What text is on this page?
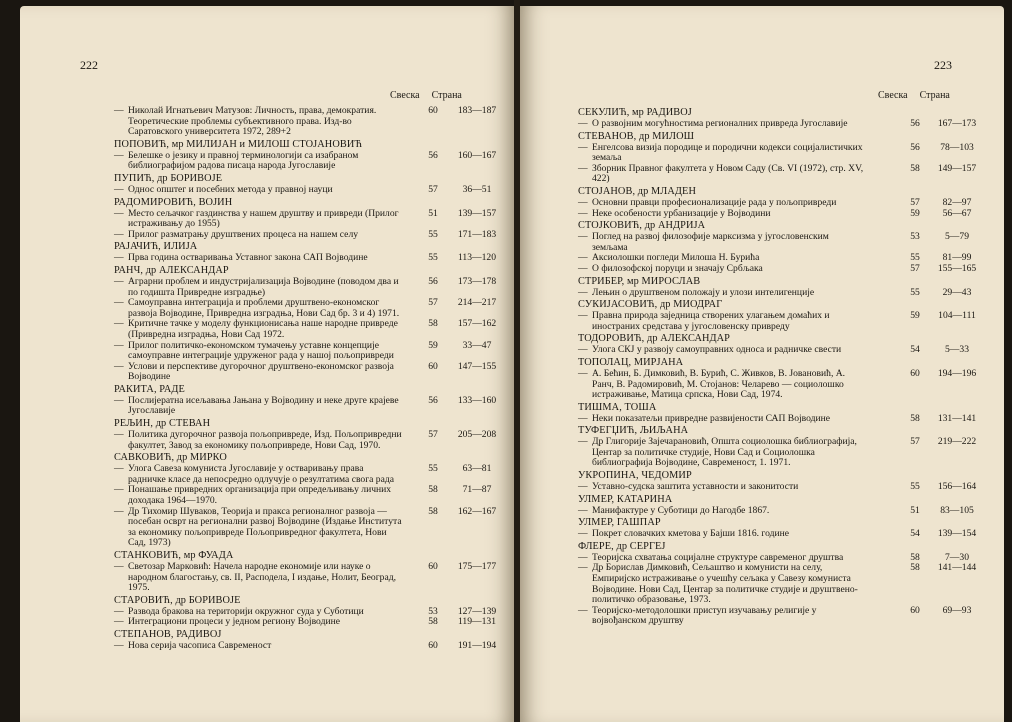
222
Свеска Страна
— Николай Игнатьевич Матузов: Личность, права, демократия. Теоретические проблемы субъективного права. Изд-во Саратовского университета 1972, 289+2
60	183—187
ПОПОВИЋ, мр МИЛИЈАН и МИЛОШ СТОЈАНОВИЋ
— Белешке о језику и правној терминологији са изабраном библиографијом радова писаца народа Југославије
56	160—167
ПУПИЋ, др БОРИВОЈЕ
— Однос општег и посебних метода у правној науци	57	36—51
РАДОМИРОВИЋ, ВОЈИН
— Место сељачког газдинства у нашем друштву и привреди (Прилог истраживању до 1955)
51	139—157
— Прилог разматрању друштвених процеса на нашем селу	55	171—183
РАЈАЧИЋ, ИЛИЈА
— Прва година остваривања Уставног закона САП Војводине	55	113—120
РАНЧ, др АЛЕКСАНДАР
— Аграрни проблем и индустријализација Војводине (поводом два и по годишта Привредне изградње)
56	173—178
— Самоуправна интеграција и проблеми друштвено-економског развоја Војводине, Привредна изградња, Нови Сад бр. 3 и 4) 1971.
57	214—217
— Критичне тачке у моделу функционисања наше народне привреде (Привредна изградња, Нови Сад 1972.
58	157—162
— Прилог политичко-економском тумачењу уставне концепције самоуправне интеграције удруженог рада у нашој пољопривреди
59	33—47
— Услови и перспективе дугорочног друштвено-економског развоја Војводине
60	147—155
РАКИТА, РАДЕ
— Послијератна исељавања Јањана у Војводину и неке друге крајеве Југославије
56	133—160
РЕЉИН, др СТЕВАН
— Политика дугорочног развоја пољопривреде, Изд. Пољопривредни факултет, Завод за економику пољопривреде, Нови Сад, 1970.
57	205—208
САВКОВИЋ, др МИРКО
— Улога Савеза комуниста Југославије у остваривању права радничке класе да непосредно одлучује о резултатима свога рада
55	63—81
— Понашање привредних организација при опредељивању личних доходака 1964—1970.
58	71—87
— Др Тихомир Шуваков, Теорија и пракса регионалног развоја — посебан осврт на регионални развој Војводине (Издање Института за економику пољопривреде Пољопривредног факултета, Нови Сад, 1973)
58	162—167
СТАНКОВИЋ, мр ФУАДА
— Светозар Марковић: Начела народне економије или науке о народном благостању, св. II, Расподела, I издање, Нолит, Београд, 1975.
60	175—177
СТАРОВИЋ, др БОРИВОЈЕ
— Развода бракова на територији окружног суда у Суботици	53	127—139
— Интеграциони процеси у једном региону Војводине	58	119—131
СТЕПАНОВ, РАДИВОЈ
— Нова серија часописа Савременост	60	191—194
223
Свеска Страна
СЕКУЛИЋ, мр РАДИВОЈ
— О развојним могућностима регионалних привреда Југославије	56	167—173
СТЕВАНОВ, др МИЛОШ
— Енгелсова визија породице и породични кодекси социјалистичких земаља
56	78—103
— Зборник Правног факултета у Новом Саду (Св. VI (1972), стр. XV, 422)
58	149—157
СТОЈАНОВ, др МЛАДЕН
— Основни правци професионализације рада у пољопривреди	57	82—97
— Неке особености урбанизације у Војводини	59	56—67
СТОЈКОВИЋ, др АНДРИЈА
— Поглед на развој филозофије марксизма у југословенским земљама
53	5—79
— Аксиолошки погледи Милоша Н. Бурића	55	81—99
— О филозофској поруци и значају Србљака	57	155—165
СТРИБЕР, мр МИРОСЛАВ
— Лењин о друштвеном положају и улози интелигенције	55	29—43
СУКИЈАСОВИЋ, др МИОДРАГ
— Правна природа заједница створених улагањем домаћих и иностраних средстава у југословенску привреду
59	104—111
ТОДОРОВИЋ, др АЛЕКСАНДАР
— Улога СКЈ у развоју самоуправних односа и радничке свести	54	5—33
ТОПОЛАЦ, МИРЈАНА
— А. Бећин, Б. Димковић, В. Бурић, С. Живков, В. Јовановић, А. Ранч, В. Радомировић, М. Стојанов: Челарево — социолошко истраживање, Матица српска, Нови Сад, 1974.
60	194—196
ТИШМА, ТОША
— Неки показатељи привредне развијености САП Војводине	58	131—141
ТУФЕГЏИЋ, ЉИЉАНА
— Др Глигорије Зајечарановић, Општа социолошка библиографија, Центар за политичке студије, Нови Сад и Социолошка библиографија Војводине, Савременост, 1. 1971.
57	219—222
УКРОПИНА, ЧЕДОМИР
— Уставно-судска заштита уставности и законитости	55	156—164
УЛМЕР, КАТАРИНА
— Манифактуре у Суботици до Нагодбе 1867.	51	83—105
УЛМЕР, ГАШПАР
— Покрет словачких кметова у Бајши 1816. године	54	139—154
ФЛЕРЕ, др СЕРГЕЈ
— Теоријска схватања социјалне структуре савременог друштва	58	7—30
— Др Борислав Димковић, Сељаштво и комунисти на селу, Емпиријско истраживање о учешћу сељака у Савезу комуниста Војводине. Нови Сад, Центар за политичке студије и друштвено-политичко образовање, 1973.
58	141—144
— Теоријско-методолошки приступ изучавању религије у војвођанском друштву
60	69—93
